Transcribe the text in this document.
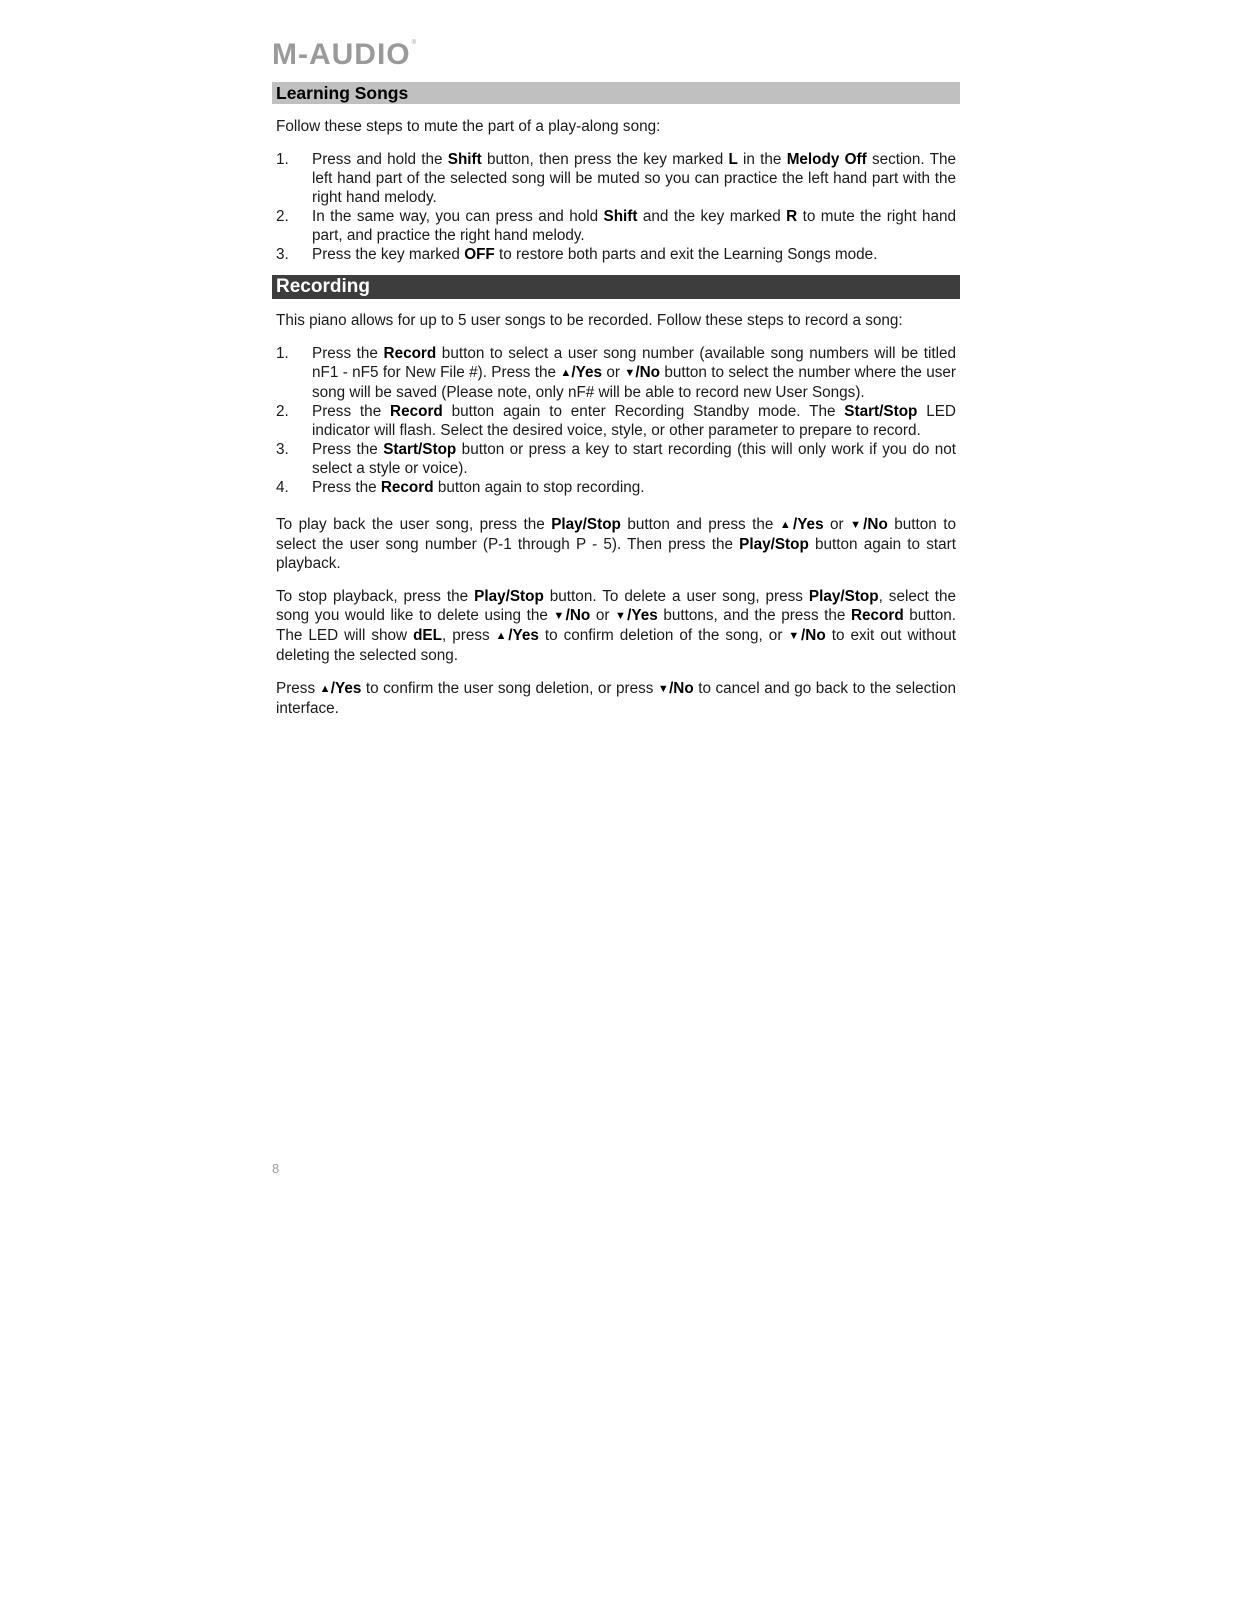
M-AUDIO®
Learning Songs

Follow these steps to mute the part of a play-along song:

1.	Press and hold the Shift button, then press the key marked L in the Melody Off section. The left hand part of the selected song will be muted so you can practice the left hand part with the right hand melody.
2.	In the same way, you can press and hold Shift and the key marked R to mute the right hand part, and practice the right hand melody.
3.	Press the key marked OFF to restore both parts and exit the Learning Songs mode.
Recording

This piano allows for up to 5 user songs to be recorded. Follow these steps to record a song:

1.	Press the Record button to select a user song number (available song numbers will be titled nF1 - nF5 for New File #). Press the ▲/Yes or ▼/No button to select the number where the user song will be saved (Please note, only nF# will be able to record new User Songs).
2.	Press the Record button again to enter Recording Standby mode. The Start/Stop LED indicator will flash. Select the desired voice, style, or other parameter to prepare to record.
3.	Press the Start/Stop button or press a key to start recording (this will only work if you do not select a style or voice).
4.	Press the Record button again to stop recording.

To play back the user song, press the Play/Stop button and press the ▲/Yes or ▼/No button to select the user song number (P-1 through P - 5). Then press the Play/Stop button again to start playback.

To stop playback, press the Play/Stop button. To delete a user song, press Play/Stop, select the song you would like to delete using the ▼/No or ▼/Yes buttons, and the press the Record button. The LED will show dEL, press ▲/Yes to confirm deletion of the song, or ▼/No to exit out without deleting the selected song.

Press ▲/Yes to confirm the user song deletion, or press ▼/No to cancel and go back to the selection interface.

8
